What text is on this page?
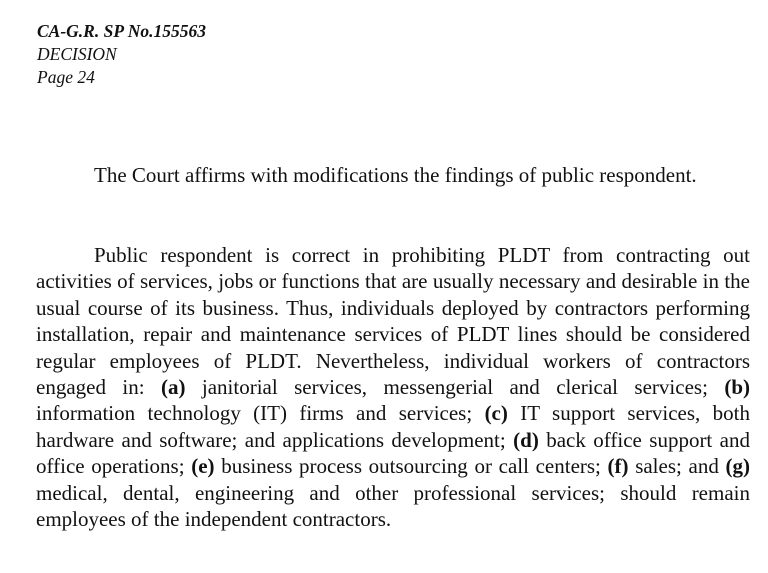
CA-G.R. SP No.155563
DECISION
Page 24

The Court affirms with modifications the findings of public respondent.

Public respondent is correct in prohibiting PLDT from contracting out activities of services, jobs or functions that are usually necessary and desirable in the usual course of its business. Thus, individuals deployed by contractors performing installation, repair and maintenance services of PLDT lines should be considered regular employees of PLDT. Nevertheless, individual workers of contractors engaged in: (a) janitorial services, messengerial and clerical services; (b) information technology (IT) firms and services; (c) IT support services, both hardware and software; and applications development; (d) back office support and office operations; (e) business process outsourcing or call centers; (f) sales; and (g) medical, dental, engineering and other professional services; should remain employees of the independent contractors.
